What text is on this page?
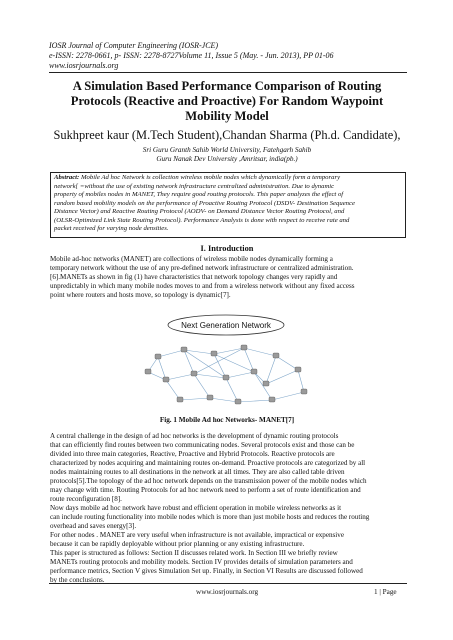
IOSR Journal of Computer Engineering (IOSR-JCE)
e-ISSN: 2278-0661, p- ISSN: 2278-8727Volume 11, Issue 5 (May. - Jun. 2013), PP 01-06
www.iosrjournals.org
A Simulation Based Performance Comparison of Routing
Protocols (Reactive and Proactive) For Random Waypoint
Mobility Model
Sukhpreet kaur (M.Tech Student),Chandan Sharma (Ph.d. Candidate),
Sri Guru Granth Sahib World University, Fatehgarh Sahib
Guru Nanak Dev University ,Amritsar, india(pb.)
Abstract: Mobile Ad hoc Network is collection wireless mobile nodes which dynamically form a temporary
network[ =without the use of existing network infrastructure centralized administration. Due to dynamic
property of mobiles nodes in MANET, They require good routing protocols. This paper analyzes the effect of
random based mobility models on the performance of Proactive Routing Protocol (DSDV- Destination Sequence
Distance Vector) and Reactive Routing Protocol (AODV- on Demand Distance Vector Routing Protocol, and
(OLSR-Optimized Link State Routing Protocol). Performance Analysis is done with respect to receive rate and
packet received for varying node densities.
I. Introduction
Mobile ad-hoc networks (MANET) are collections of wireless mobile nodes dynamically forming a
temporary network without the use of any pre-defined network infrastructure or centralized administration.
[6].MANETs as shown in fig (1) have characteristics that network topology changes very rapidly and
unpredictably in which many mobile nodes moves to and from a wireless network without any fixed access
point where routers and hosts move, so topology is dynamic[7].
Next Generation Network
Fig. 1 Mobile Ad hoc Networks- MANET[7]
A central challenge in the design of ad hoc networks is the development of dynamic routing protocols
that can efficiently find routes between two communicating nodes. Several protocols exist and those can be
divided into three main categories, Reactive, Proactive and Hybrid Protocols. Reactive protocols are
characterized by nodes acquiring and maintaining routes on-demand. Proactive protocols are categorized by all
nodes maintaining routes to all destinations in the network at all times. They are also called table driven
protocols[5].The topology of the ad hoc network depends on the transmission power of the mobile nodes which
may change with time. Routing Protocols for ad hoc network need to perform a set of route identification and
route reconfiguration [8].
Now days mobile ad hoc network have robust and efficient operation in mobile wireless networks as it
can include routing functionality into mobile nodes which is more than just mobile hosts and reduces the routing
overhead and saves energy[3].
For other nodes . MANET are very useful when infrastructure is not available, impractical or expensive
because it can be rapidly deployable without prior planning or any existing infrastructure.
This paper is structured as follows: Section II discusses related work. In Section III we briefly review
MANETs routing protocols and mobility models. Section IV provides details of simulation parameters and
performance metrics, Section V gives Simulation Set up. Finally, in Section VI Results are discussed followed
by the conclusions.
www.iosrjournals.org	1 | Page
